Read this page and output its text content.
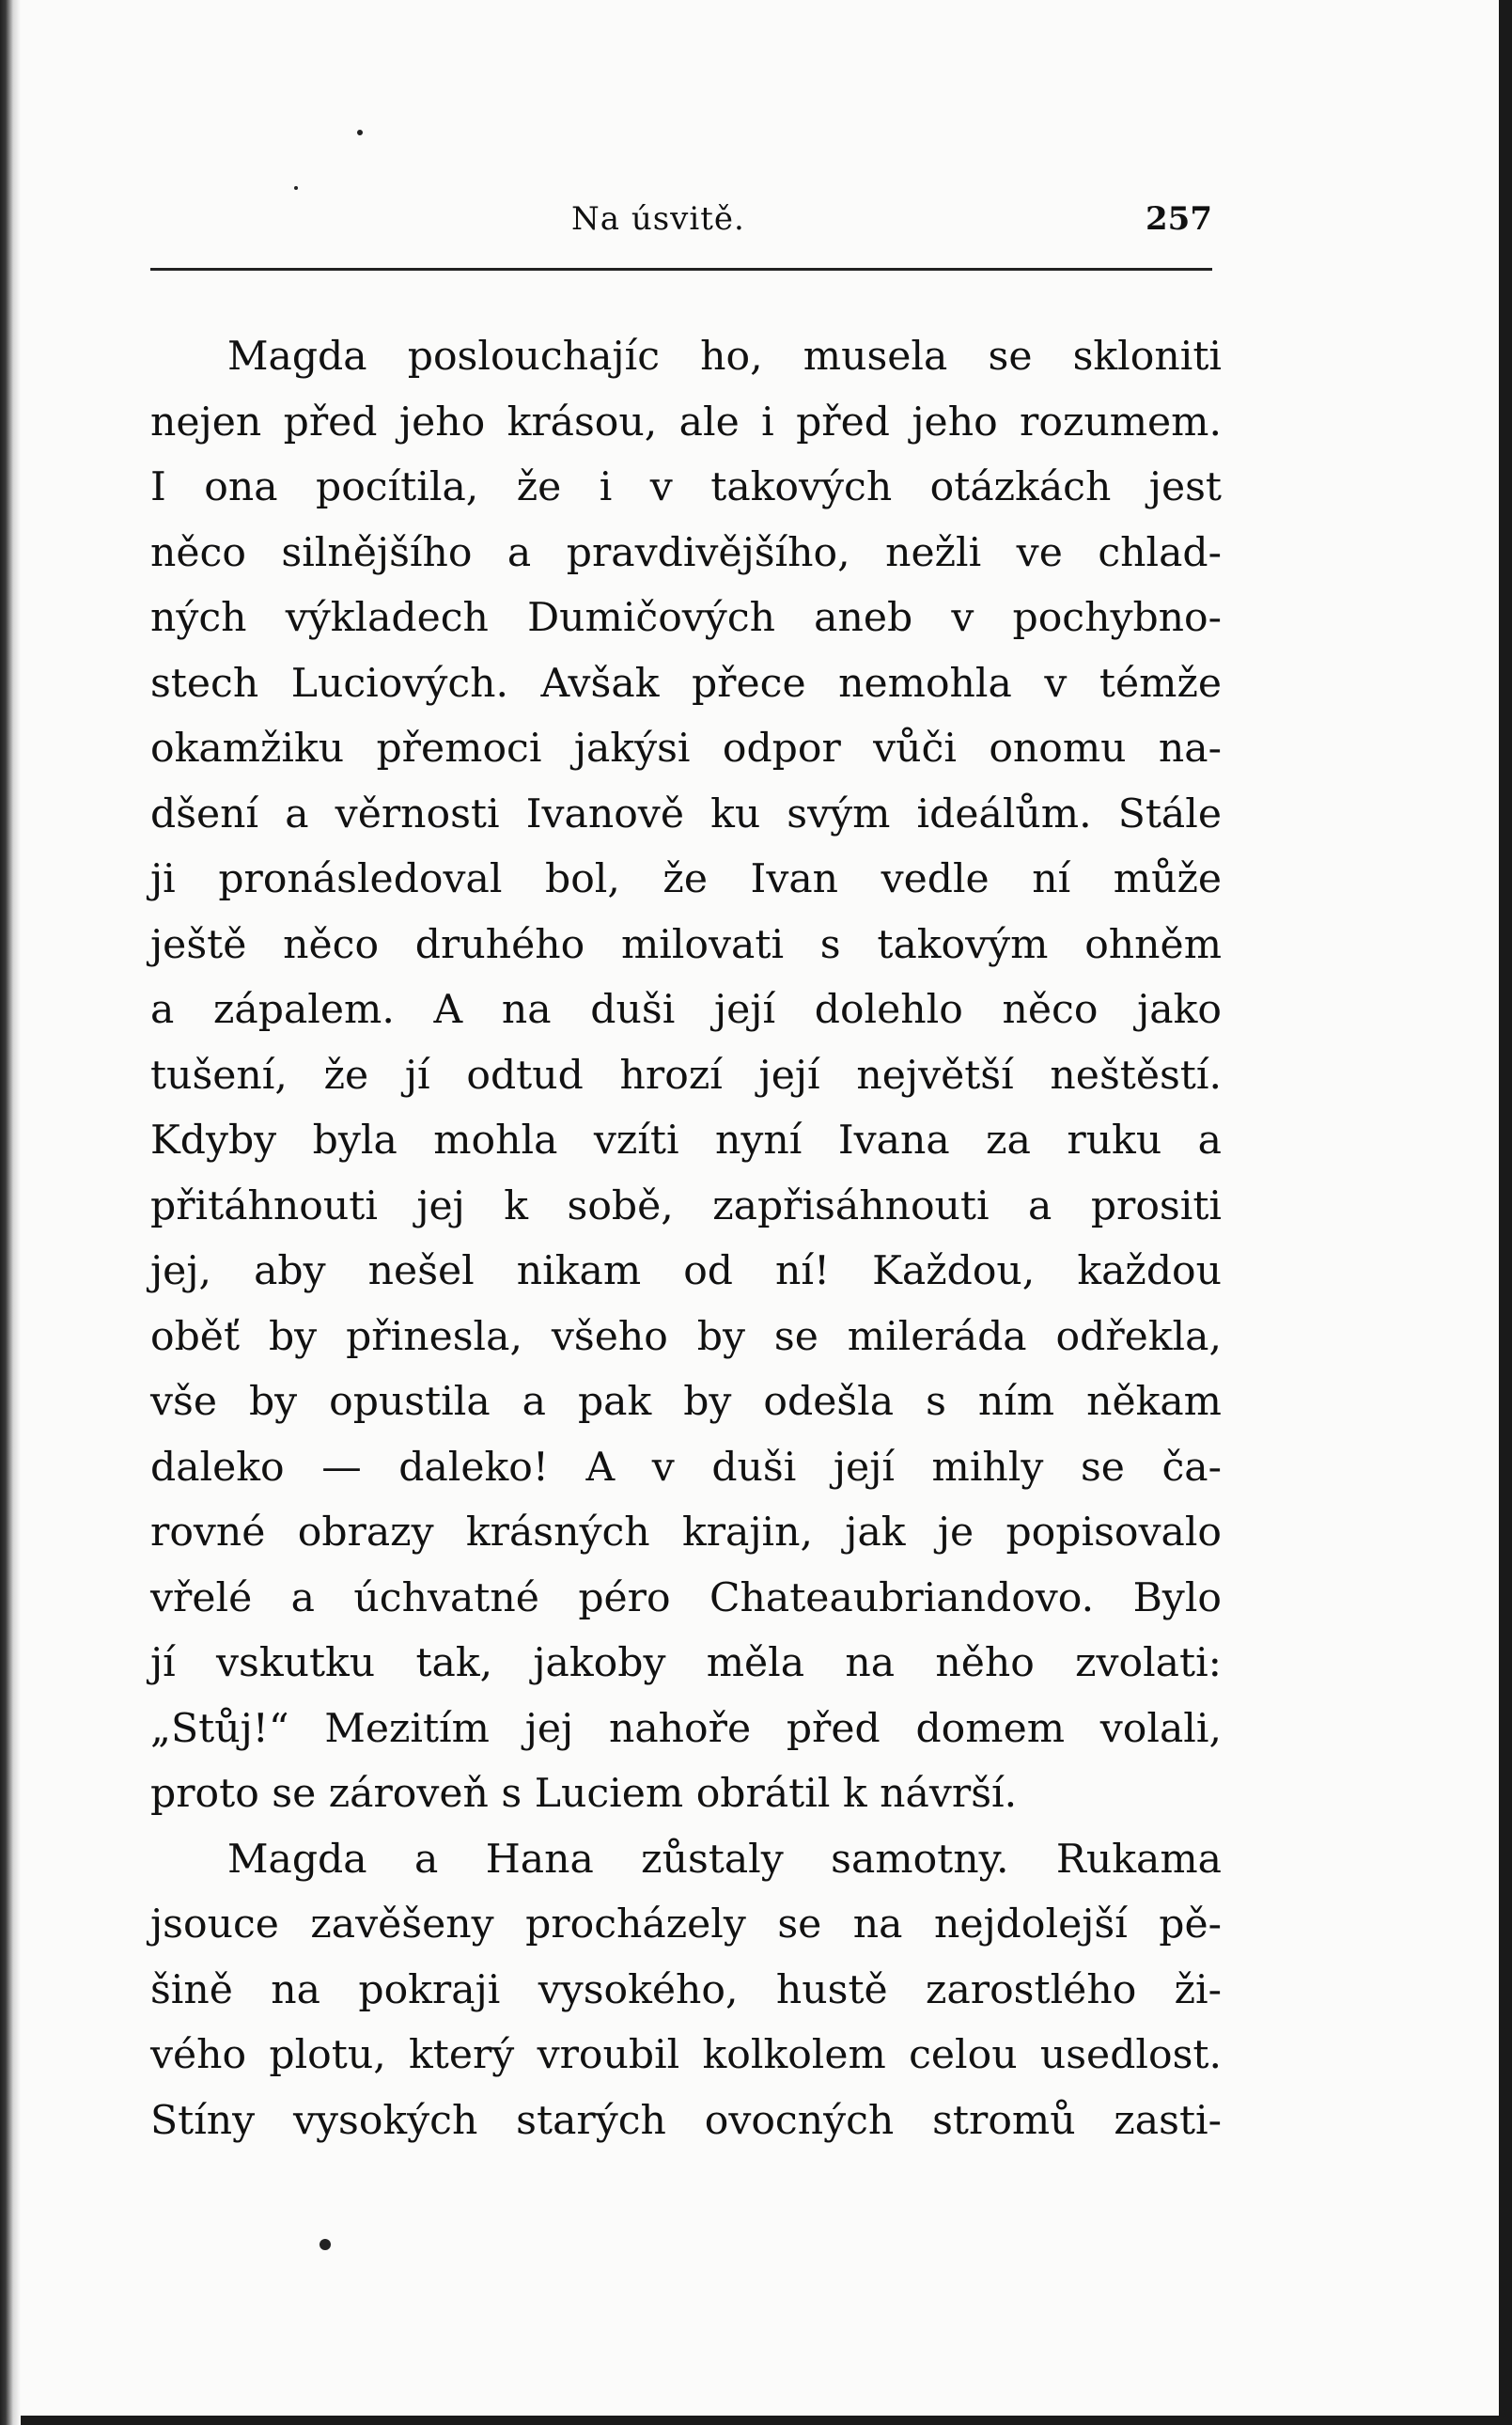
Na úsvitě.	257
Magda poslouchajíc ho, musela se skloniti
nejen před jeho krásou, ale i před jeho rozumem.
I ona pocítila, že i v takových otázkách jest
něco silnějšího a pravdivějšího, nežli ve chlad-
ných výkladech Dumičových aneb v pochybno-
stech Luciových. Avšak přece nemohla v témže
okamžiku přemoci jakýsi odpor vůči onomu na-
dšení a věrnosti Ivanově ku svým ideálům. Stále
ji pronásledoval bol, že Ivan vedle ní může
ještě něco druhého milovati s takovým ohněm
a zápalem. A na duši její dolehlo něco jako
tušení, že jí odtud hrozí její největší neštěstí.
Kdyby byla mohla vzíti nyní Ivana za ruku a
přitáhnouti jej k sobě, zapřisáhnouti a prositi
jej, aby nešel nikam od ní! Každou, každou
oběť by přinesla, všeho by se mileráda odřekla,
vše by opustila a pak by odešla s ním někam
daleko — daleko! A v duši její mihly se ča-
rovné obrazy krásných krajin, jak je popisovalo
vřelé a úchvatné péro Chateaubriandovo. Bylo
jí vskutku tak, jakoby měla na něho zvolati:
„Stůj!“ Mezitím jej nahoře před domem volali,
proto se zároveň s Luciem obrátil k návrší.
Magda a Hana zůstaly samotny. Rukama
jsouce zavěšeny procházely se na nejdolejší pě-
šině na pokraji vysokého, hustě zarostlého ži-
vého plotu, který vroubil kolkolem celou usedlost.
Stíny vysokých starých ovocných stromů zasti-
